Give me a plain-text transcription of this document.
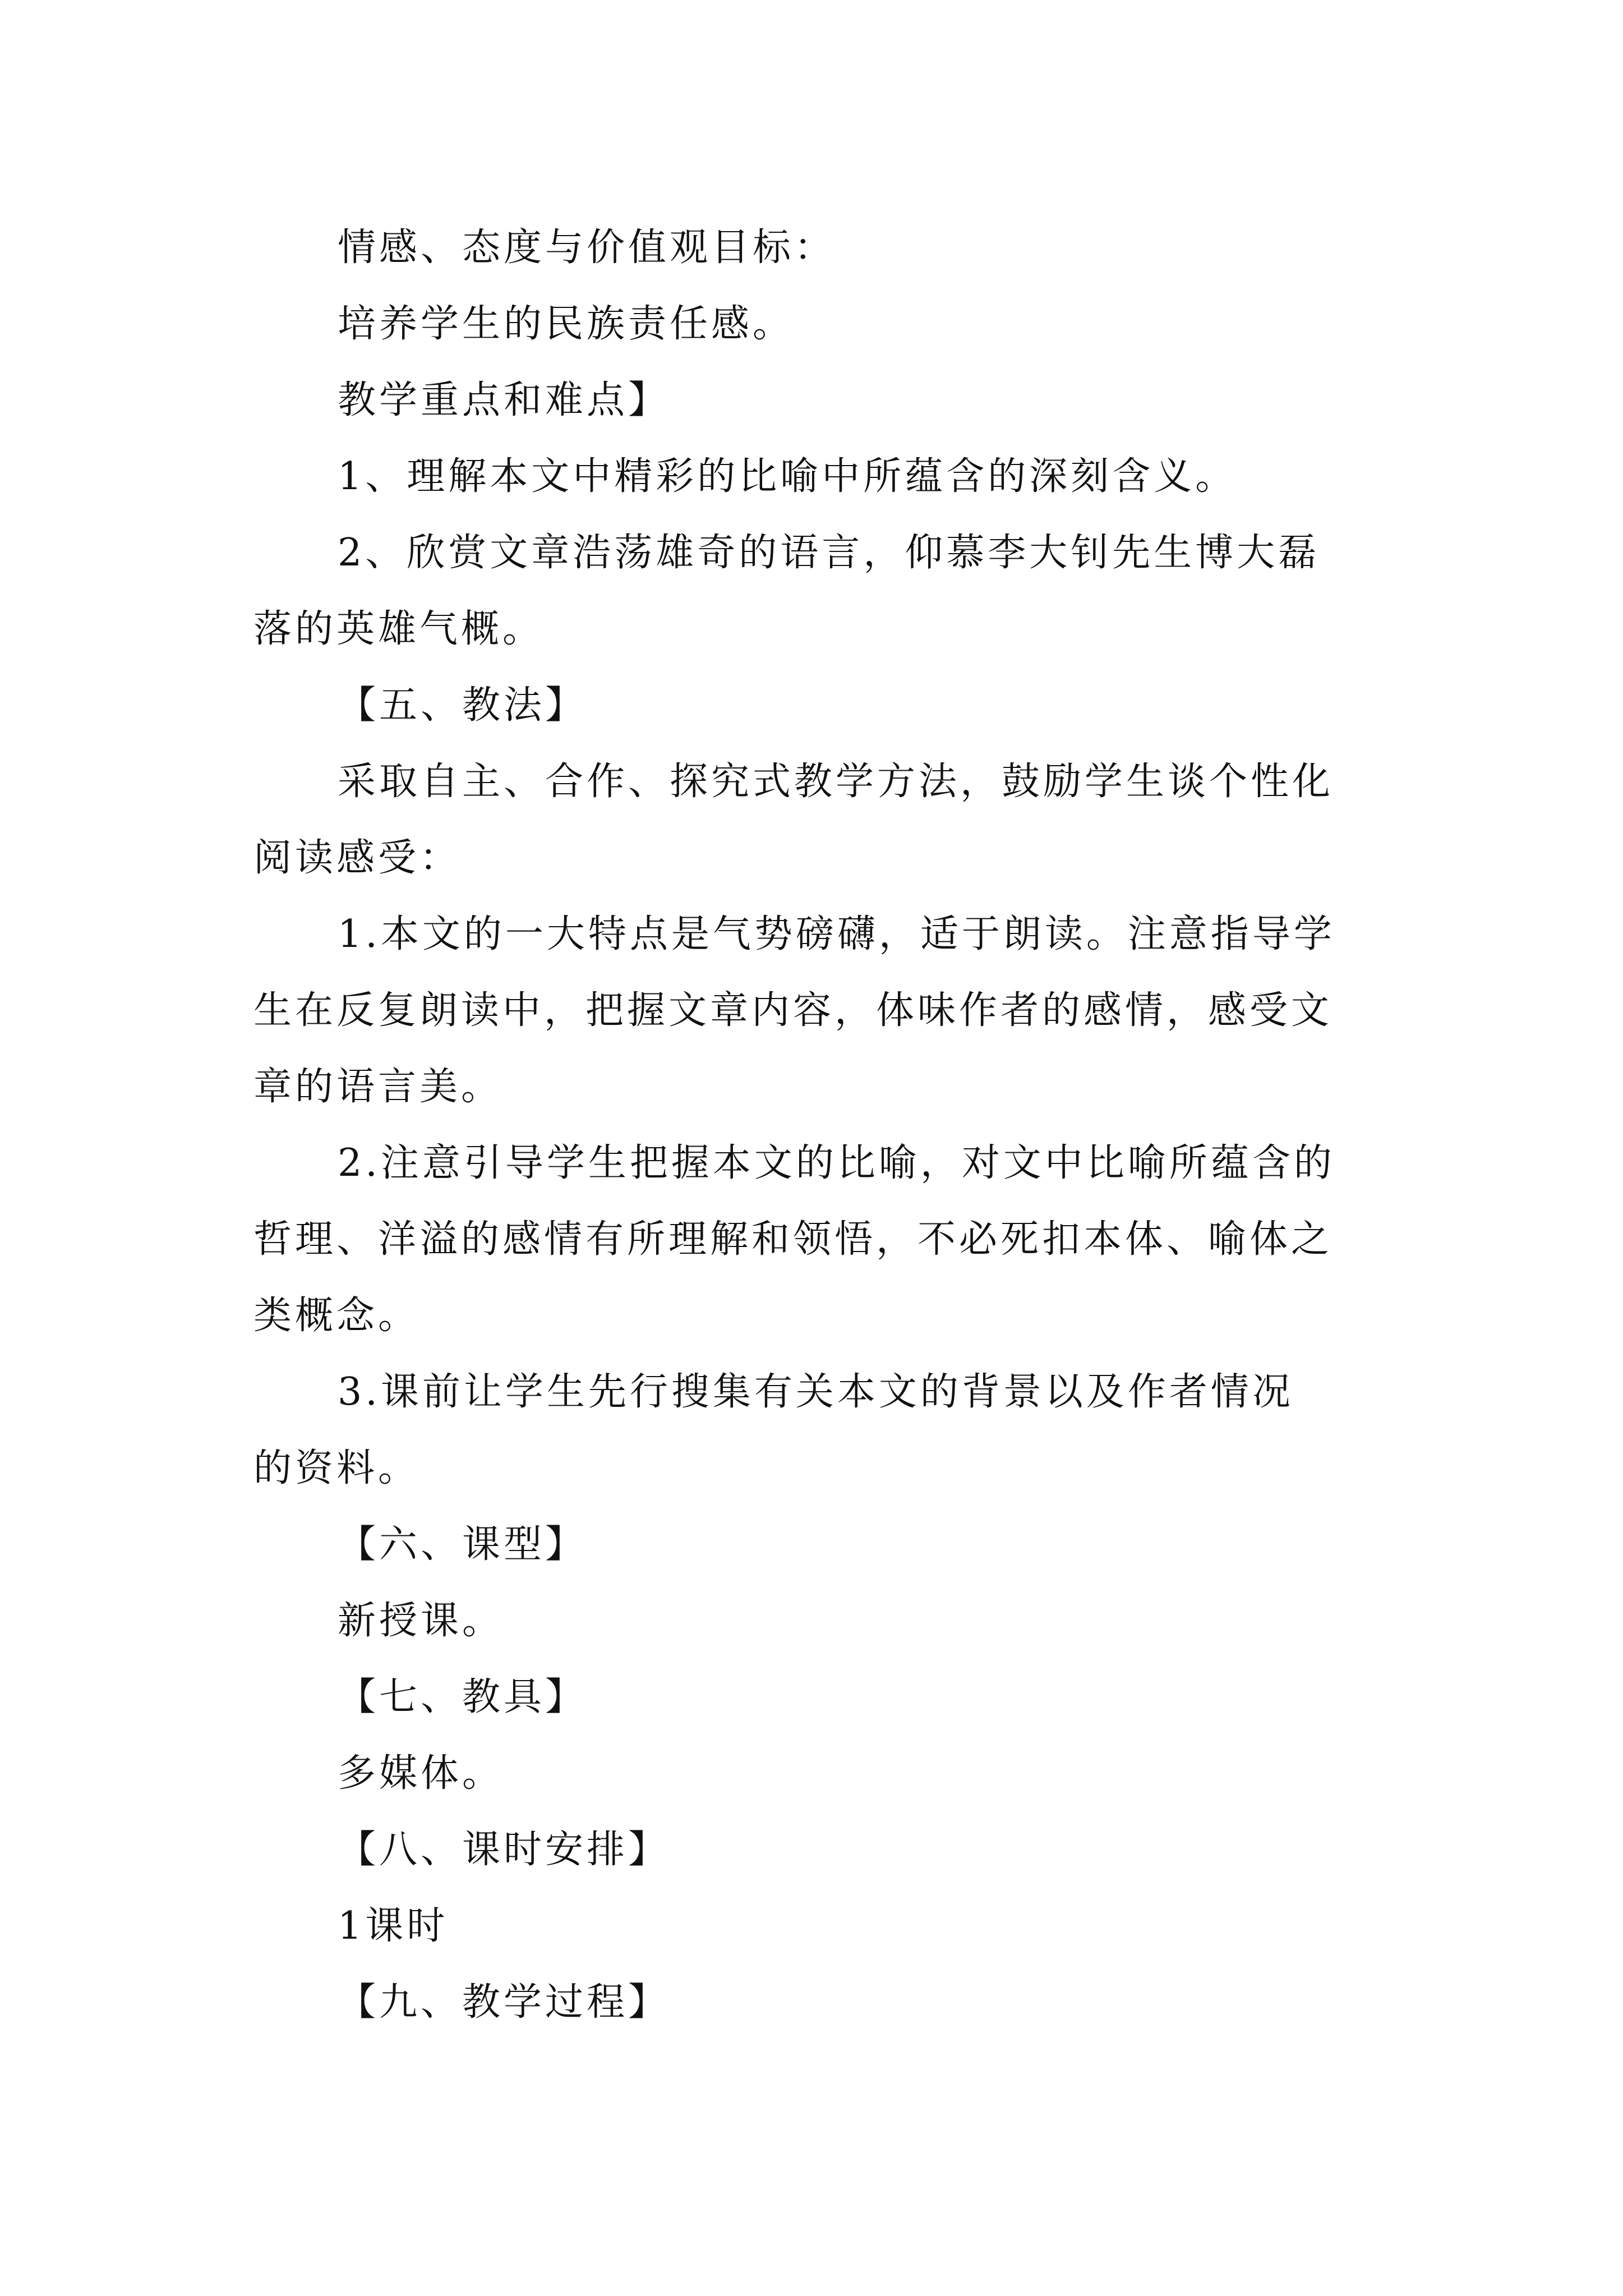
情感、态度与价值观目标：
培养学生的民族责任感。
教学重点和难点】
1、理解本文中精彩的比喻中所蕴含的深刻含义。
2、欣赏文章浩荡雄奇的语言，仰慕李大钊先生博大磊
落的英雄气概。
【五、教法】
采取自主、合作、探究式教学方法，鼓励学生谈个性化
阅读感受：
1.本文的一大特点是气势磅礴，适于朗读。注意指导学
生在反复朗读中，把握文章内容，体味作者的感情，感受文
章的语言美。
2.注意引导学生把握本文的比喻，对文中比喻所蕴含的
哲理、洋溢的感情有所理解和领悟，不必死扣本体、喻体之
类概念。
3.课前让学生先行搜集有关本文的背景以及作者情况
的资料。
【六、课型】
新授课。
【七、教具】
多媒体。
【八、课时安排】
1课时
【九、教学过程】
